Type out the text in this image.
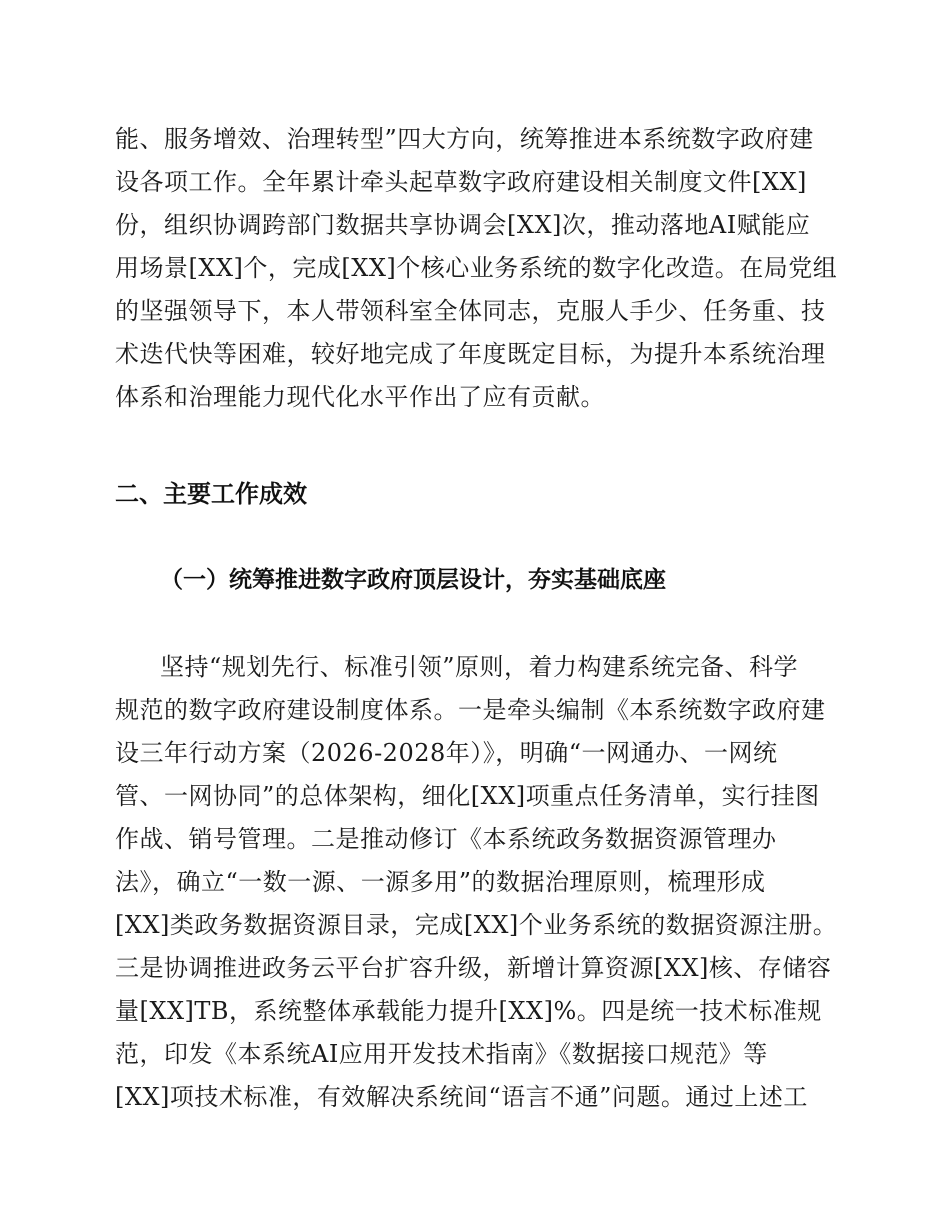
能、服务增效、治理转型”四大方向，统筹推进本系统数字政府建
设各项工作。全年累计牵头起草数字政府建设相关制度文件[XX]
份，组织协调跨部门数据共享协调会[XX]次，推动落地AI赋能应
用场景[XX]个，完成[XX]个核心业务系统的数字化改造。在局党组
的坚强领导下，本人带领科室全体同志，克服人手少、任务重、技
术迭代快等困难，较好地完成了年度既定目标，为提升本系统治理
体系和治理能力现代化水平作出了应有贡献。
二、主要工作成效
（一）统筹推进数字政府顶层设计，夯实基础底座
坚持“规划先行、标准引领”原则，着力构建系统完备、科学
规范的数字政府建设制度体系。一是牵头编制《本系统数字政府建
设三年行动方案（2026-2028年）》，明确“一网通办、一网统
管、一网协同”的总体架构，细化[XX]项重点任务清单，实行挂图
作战、销号管理。二是推动修订《本系统政务数据资源管理办
法》，确立“一数一源、一源多用”的数据治理原则，梳理形成
[XX]类政务数据资源目录，完成[XX]个业务系统的数据资源注册。
三是协调推进政务云平台扩容升级，新增计算资源[XX]核、存储容
量[XX]TB，系统整体承载能力提升[XX]%。四是统一技术标准规
范，印发《本系统AI应用开发技术指南》《数据接口规范》等
[XX]项技术标准，有效解决系统间“语言不通”问题。通过上述工
